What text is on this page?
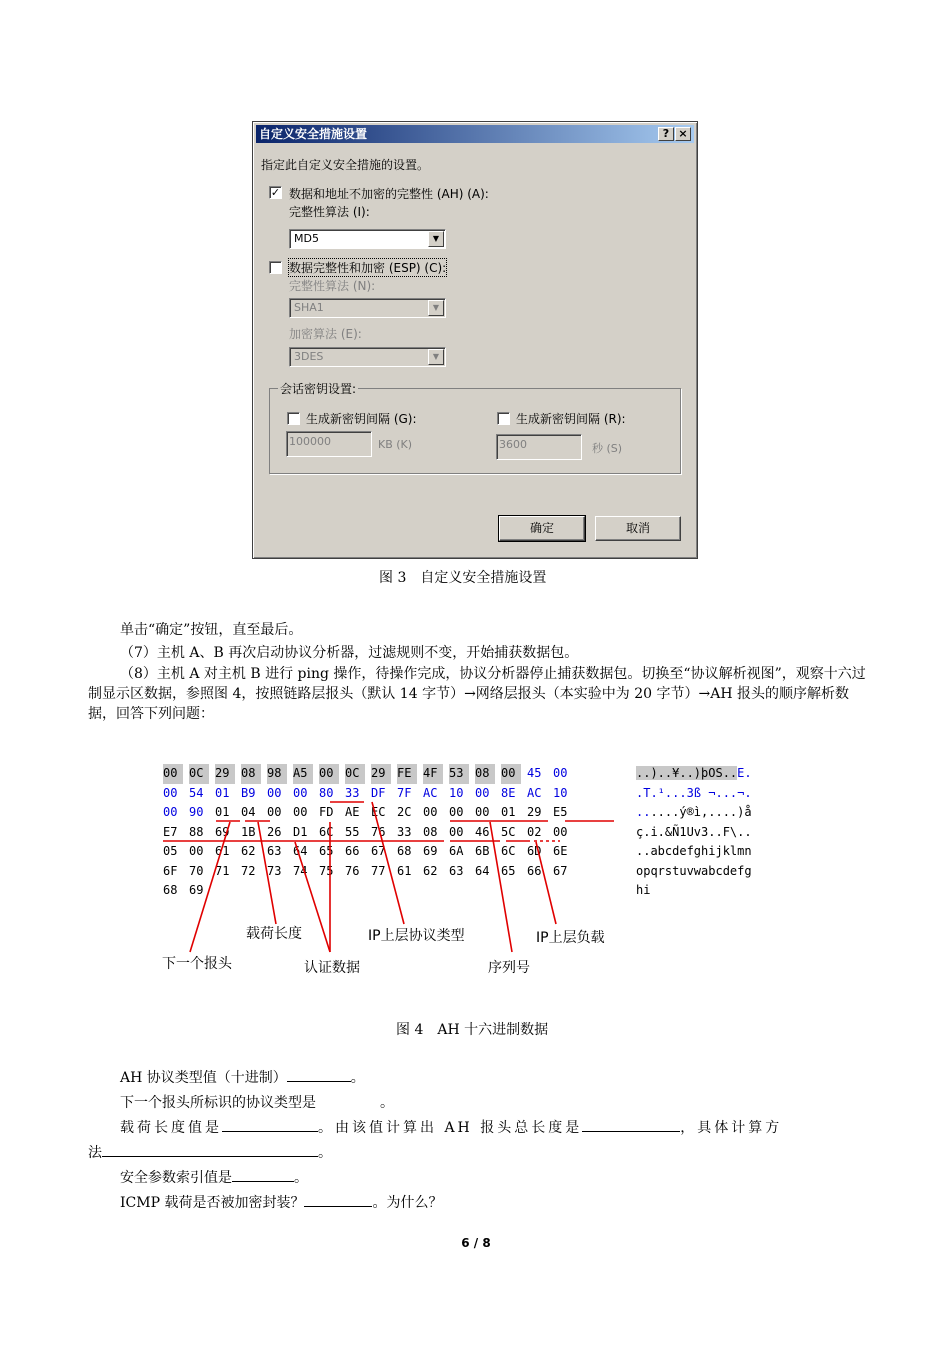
自定义安全措施设置	? ×
指定此自定义安全措施的设置。
✓ 数据和地址不加密的完整性 (AH) (A):
完整性算法 (I):
MD5	▼
数据完整性和加密 (ESP) (C):
完整性算法 (N):
SHA1	▼
加密算法 (E):
3DES	▼
会话密钥设置:
生成新密钥间隔 (G):
100000	KB (K)
生成新密钥间隔 (R):
3600	秒 (S)
确定	取消
图 3　自定义安全措施设置
单击“确定”按钮，直至最后。
（7）主机 A、B 再次启动协议分析器，过滤规则不变，开始捕获数据包。
（8）主机 A 对主机 B 进行 ping 操作，待操作完成，协议分析器停止捕获数据包。切换至“协议解析视图”，观察十六过制显示区数据，参照图 4，按照链路层报头（默认 14 字节）→网络层报头（本实验中为 20 字节）→AH 报头的顺序解析数据，回答下列问题：
00 0C 29 08 98 A5 00 0C 29 FE 4F 53 08 00 45 00
00 54 01 B9 00 00 80 33 DF 7F AC 10 00 8E AC 10
00 90 01 04 00 00 FD AE EC 2C 00 00 00 01 29 E5
E7 88 69 1B 26 D1 6C 55 76 33 08 00 46 5C 02 00
05 00 61 62 63 64 65 66 67 68 69 6A 6B 6C 6D 6E
6F 70 71 72 73 74 75 76 77 61 62 63 64 65 66 67
68 69
..)..¥..)þOS..E.
.T.¹...3ß ¬...¬.
......ý®ì,....)å
ç.i.&Ñ1Uv3..F\..
..abcdefghijklmn
opqrstuvwabcdefg
hi
载荷长度	IP上层协议类型	IP上层负载
下一个报头	认证数据	序列号
图 4　AH 十六进制数据
AH 协议类型值（十进制）	。
下一个报头所标识的协议类型是	。
载荷长度值是	。由该值计算出 AH 报头总长度是	，具体计算方
法	。
安全参数索引值是	。
ICMP 载荷是否被加密封装？	。为什么？
6 / 8
